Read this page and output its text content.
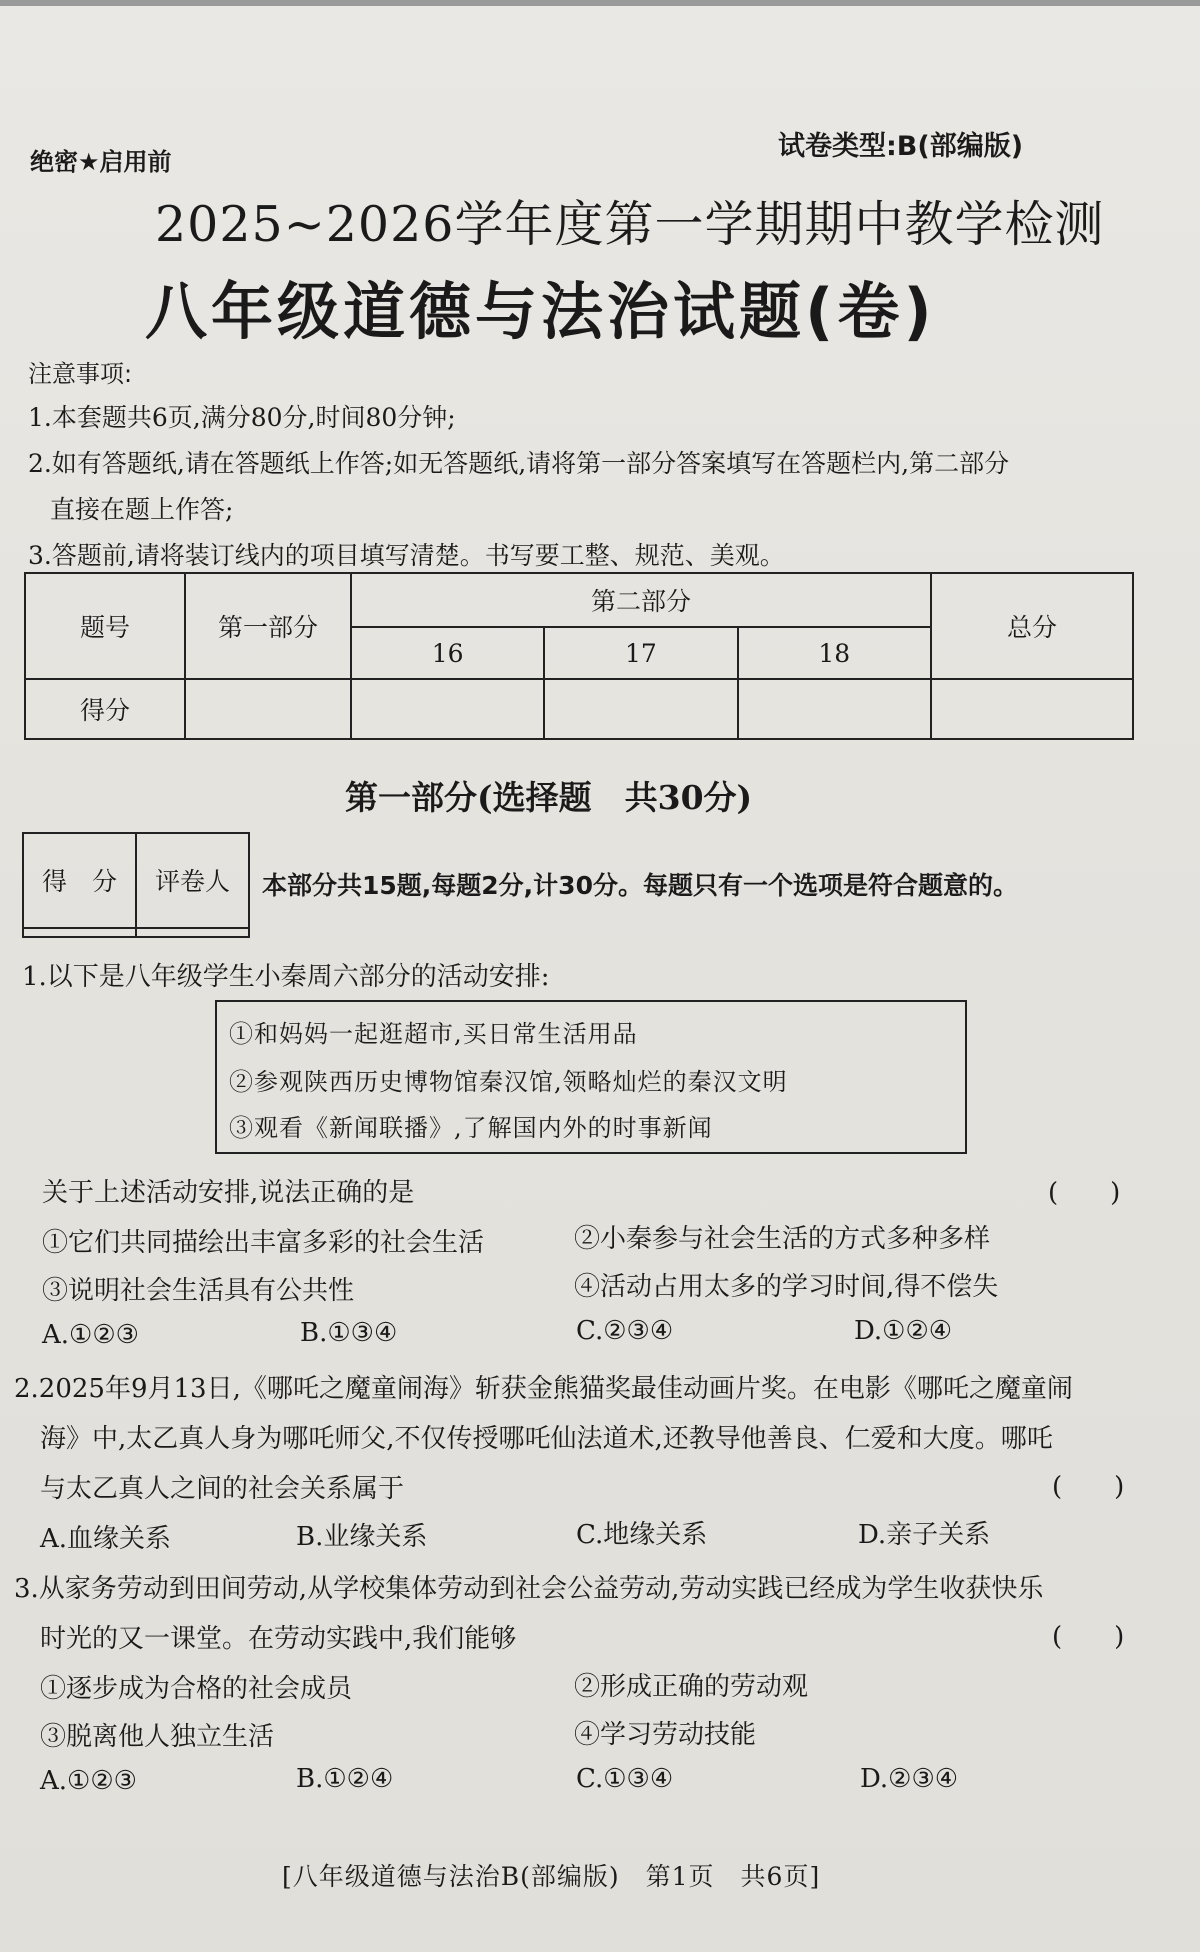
绝密★启用前	试卷类型:B(部编版)
2025~2026学年度第一学期期中教学检测
八年级道德与法治试题(卷)
注意事项:
1.本套题共6页,满分80分,时间80分钟;
2.如有答题纸,请在答题纸上作答;如无答题纸,请将第一部分答案填写在答题栏内,第二部分
直接在题上作答;
3.答题前,请将装订线内的项目填写清楚。书写要工整、规范、美观。
题号	第一部分	第二部分			总分
		16	17	18	
得分					
第一部分(选择题　共30分)
得　分	评卷人
	本部分共15题,每题2分,计30分。每题只有一个选项是符合题意的。
1.以下是八年级学生小秦周六部分的活动安排:
①和妈妈一起逛超市,买日常生活用品
②参观陕西历史博物馆秦汉馆,领略灿烂的秦汉文明
③观看《新闻联播》,了解国内外的时事新闻
关于上述活动安排,说法正确的是	(　　)
①它们共同描绘出丰富多彩的社会生活	②小秦参与社会生活的方式多种多样
③说明社会生活具有公共性	④活动占用太多的学习时间,得不偿失
A.①②③	B.①③④	C.②③④	D.①②④
2.2025年9月13日,《哪吒之魔童闹海》斩获金熊猫奖最佳动画片奖。在电影《哪吒之魔童闹
海》中,太乙真人身为哪吒师父,不仅传授哪吒仙法道术,还教导他善良、仁爱和大度。哪吒
与太乙真人之间的社会关系属于	(　　)
A.血缘关系	B.业缘关系	C.地缘关系	D.亲子关系
3.从家务劳动到田间劳动,从学校集体劳动到社会公益劳动,劳动实践已经成为学生收获快乐
时光的又一课堂。在劳动实践中,我们能够	(　　)
①逐步成为合格的社会成员	②形成正确的劳动观
③脱离他人独立生活	④学习劳动技能
A.①②③	B.①②④	C.①③④	D.②③④
[八年级道德与法治B(部编版)　第1页　共6页]
